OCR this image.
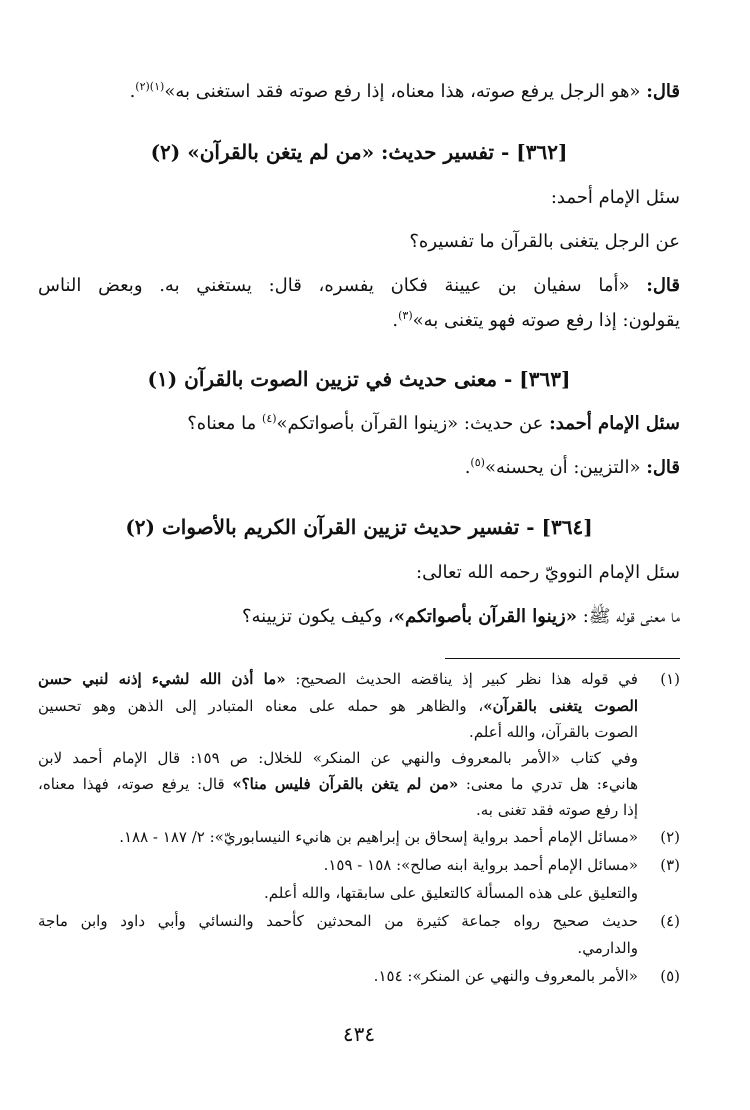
قال: «هو الرجل يرفع صوته، هذا معناه، إذا رفع صوته فقد استغنى به»$^{(١)(٢)}$.
[٣٦٢] - تفسير حديث: «من لم يتغن بالقرآن» (٢)
سئل الإمام أحمد:
عن الرجل يتغنى بالقرآن ما تفسيره؟
قال: «أما سفيان بن عيينة فكان يفسره، قال: يستغني به. وبعض الناس
يقولون: إذا رفع صوته فهو يتغنى به»$^{(٣)}$.
[٣٦٣] - معنى حديث في تزيين الصوت بالقرآن (١)
سئل الإمام أحمد: عن حديث: «زينوا القرآن بأصواتكم»$^{(٤)}$ ما معناه؟
قال: «التزيين: أن يحسنه»$^{(٥)}$.
[٣٦٤] - تفسير حديث تزيين القرآن الكريم بالأصوات (٢)
سئل الإمام النوويّ رحمه الله تعالى:
ما معنى قوله ﷺ: «زينوا القرآن بأصواتكم»، وكيف يكون تزيينه؟
(١)
في قوله هذا نظر كبير إذ يناقضه الحديث الصحيح: «ما أذن الله لشيء إذنه لنبي حسن
الصوت يتغنى بالقرآن»، والظاهر هو حمله على معناه المتبادر إلى الذهن وهو تحسين
الصوت بالقرآن، والله أعلم.
وفي كتاب «الأمر بالمعروف والنهي عن المنكر» للخلال: ص ١٥٩: قال الإمام أحمد لابن
هانيء: هل تدري ما معنى: «من لم يتغن بالقرآن فليس منا؟» قال: يرفع صوته، فهذا معناه،
إذا رفع صوته فقد تغنى به.
(٢)
«مسائل الإمام أحمد برواية إسحاق بن إبراهيم بن هانيء النيسابوريّ»: ٢/ ١٨٧ - ١٨٨.
(٣)
«مسائل الإمام أحمد برواية ابنه صالح»: ١٥٨ - ١٥٩.
والتعليق على هذه المسألة كالتعليق على سابقتها، والله أعلم.
(٤)
حديث صحيح رواه جماعة كثيرة من المحدثين كأحمد والنسائي وأبي داود وابن ماجة
والدارمي.
(٥)
«الأمر بالمعروف والنهي عن المنكر»: ١٥٤.
٤٣٤
